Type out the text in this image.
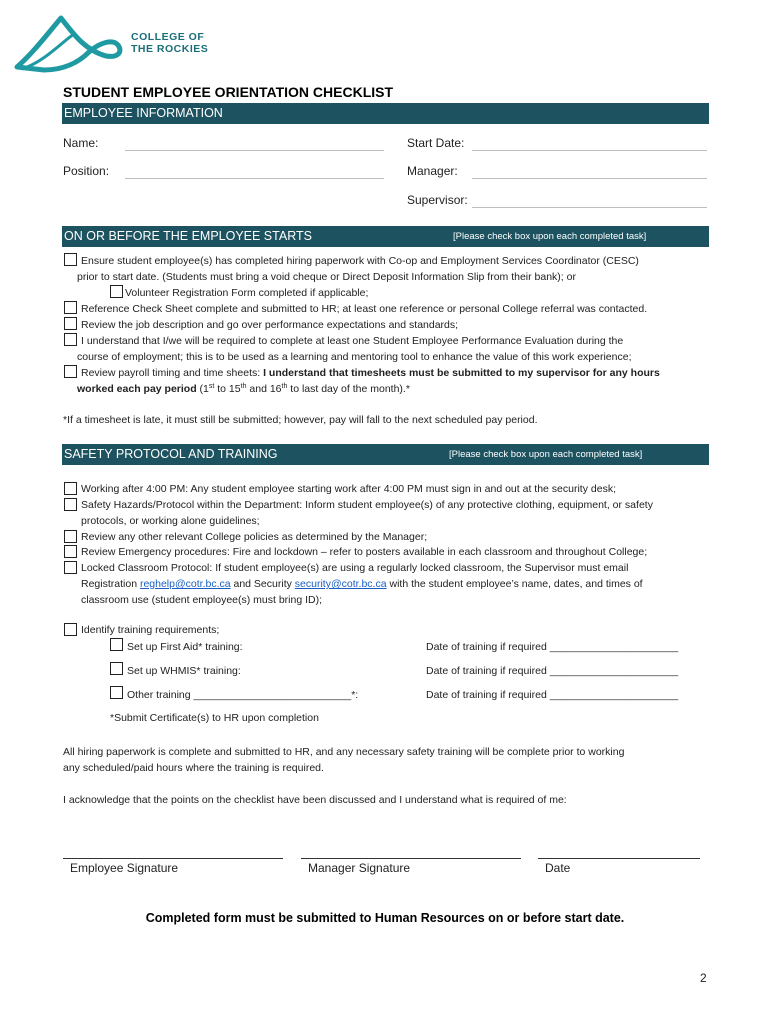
COLLEGE OF
THE ROCKIES
STUDENT EMPLOYEE ORIENTATION CHECKLIST
EMPLOYEE INFORMATION
Name:	Start Date:
Position:	Manager:
Supervisor:
ON OR BEFORE THE EMPLOYEE STARTS	[Please check box upon each completed task]
Ensure student employee(s) has completed hiring paperwork with Co-op and Employment Services Coordinator (CESC)
prior to start date. (Students must bring a void cheque or Direct Deposit Information Slip from their bank); or
Volunteer Registration Form completed if applicable;
Reference Check Sheet complete and submitted to HR; at least one reference or personal College referral was contacted.
Review the job description and go over performance expectations and standards;
I understand that I/we will be required to complete at least one Student Employee Performance Evaluation during the
course of employment; this is to be used as a learning and mentoring tool to enhance the value of this work experience;
Review payroll timing and time sheets: I understand that timesheets must be submitted to my supervisor for any hours
worked each pay period (1st to 15th and 16th to last day of the month).*
*If a timesheet is late, it must still be submitted; however, pay will fall to the next scheduled pay period.
SAFETY PROTOCOL AND TRAINING	[Please check box upon each completed task]
Working after 4:00 PM: Any student employee starting work after 4:00 PM must sign in and out at the security desk;
Safety Hazards/Protocol within the Department: Inform student employee(s) of any protective clothing, equipment, or safety
protocols, or working alone guidelines;
Review any other relevant College policies as determined by the Manager;
Review Emergency procedures: Fire and lockdown – refer to posters available in each classroom and throughout College;
Locked Classroom Protocol: If student employee(s) are using a regularly locked classroom, the Supervisor must email
Registration reghelp@cotr.bc.ca and Security security@cotr.bc.ca with the student employee’s name, dates, and times of
classroom use (student employee(s) must bring ID);
Identify training requirements;
Set up First Aid* training:	Date of training if required ______________________
Set up WHMIS* training:	Date of training if required ______________________
Other training ___________________________*:	Date of training if required ______________________
*Submit Certificate(s) to HR upon completion
All hiring paperwork is complete and submitted to HR, and any necessary safety training will be complete prior to working
any scheduled/paid hours where the training is required.
I acknowledge that the points on the checklist have been discussed and I understand what is required of me:
Employee Signature	Manager Signature	Date
Completed form must be submitted to Human Resources on or before start date.
2
